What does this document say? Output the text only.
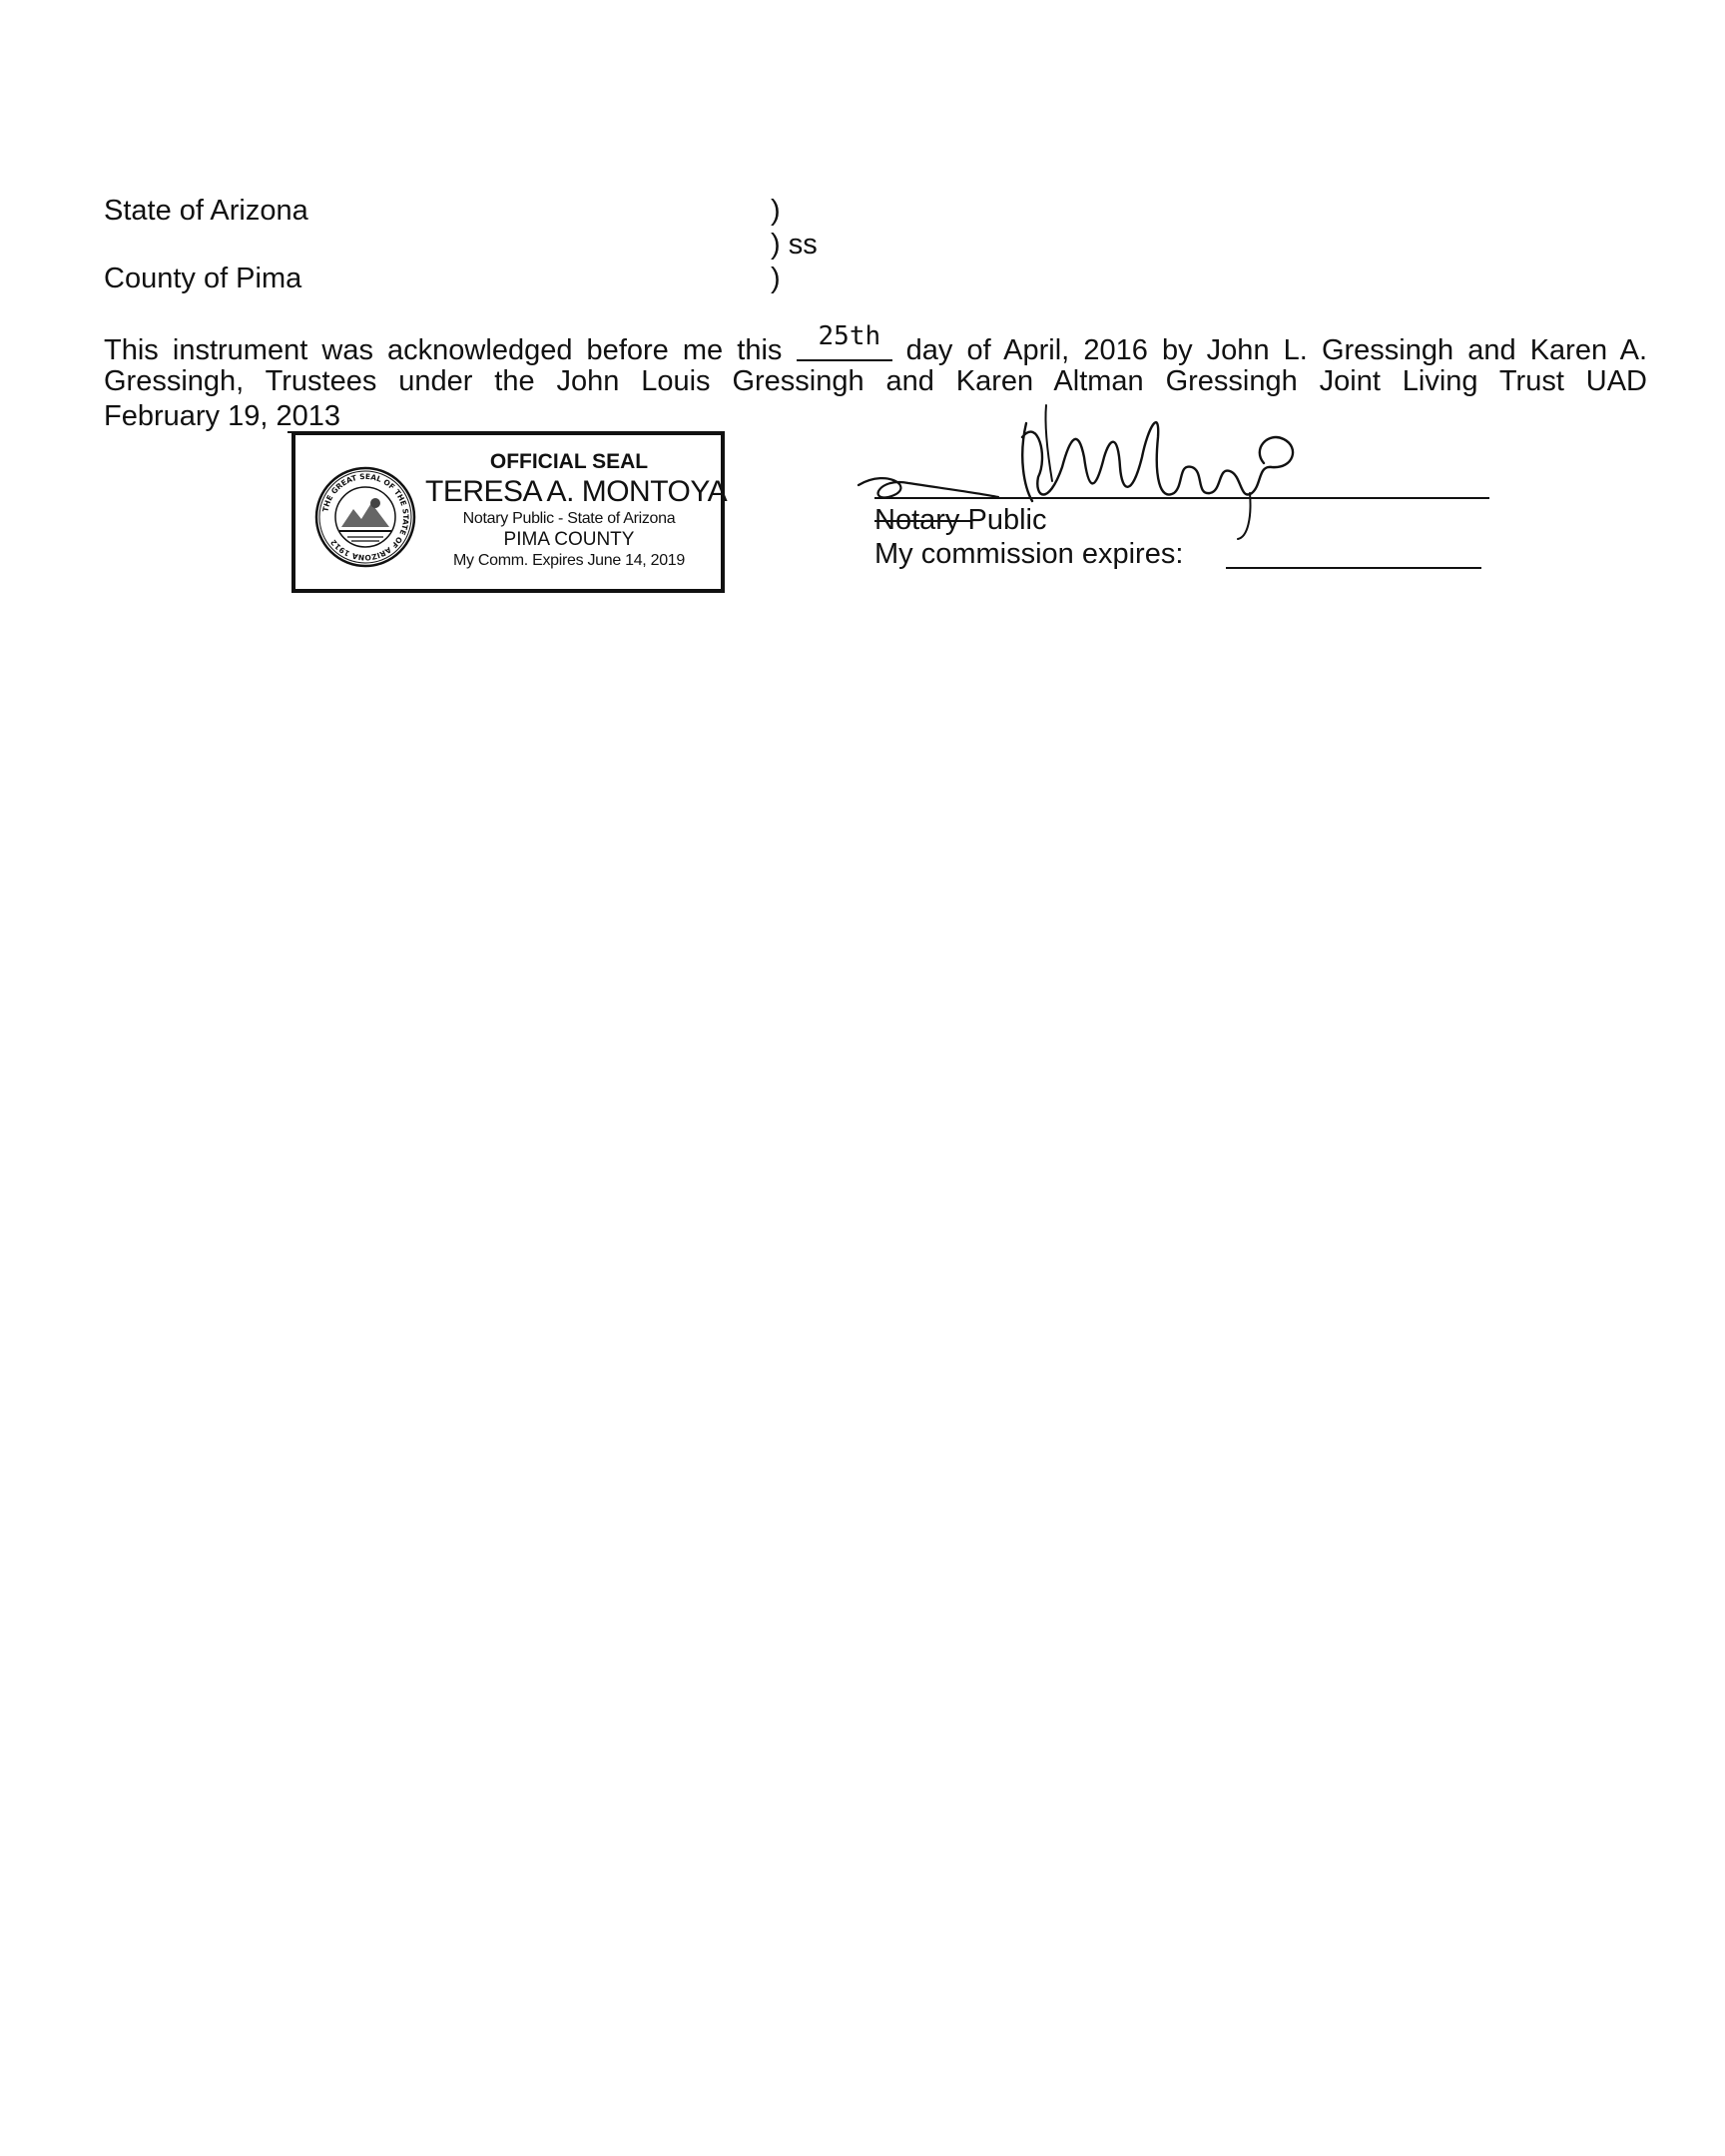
State of Arizona	)
) ss
County of Pima	)
This instrument was acknowledged before me this 25th day of April, 2016 by John L. Gressingh and Karen A.
Gressingh, Trustees under the John Louis Gressingh and Karen Altman Gressingh Joint Living Trust UAD
February 19, 2013
THE GREAT SEAL OF THE STATE OF ARIZONA 1912
OFFICIAL SEAL
TERESA A. MONTOYA
Notary Public - State of Arizona
PIMA COUNTY
My Comm. Expires June 14, 2019
Notary Public
My commission expires:
